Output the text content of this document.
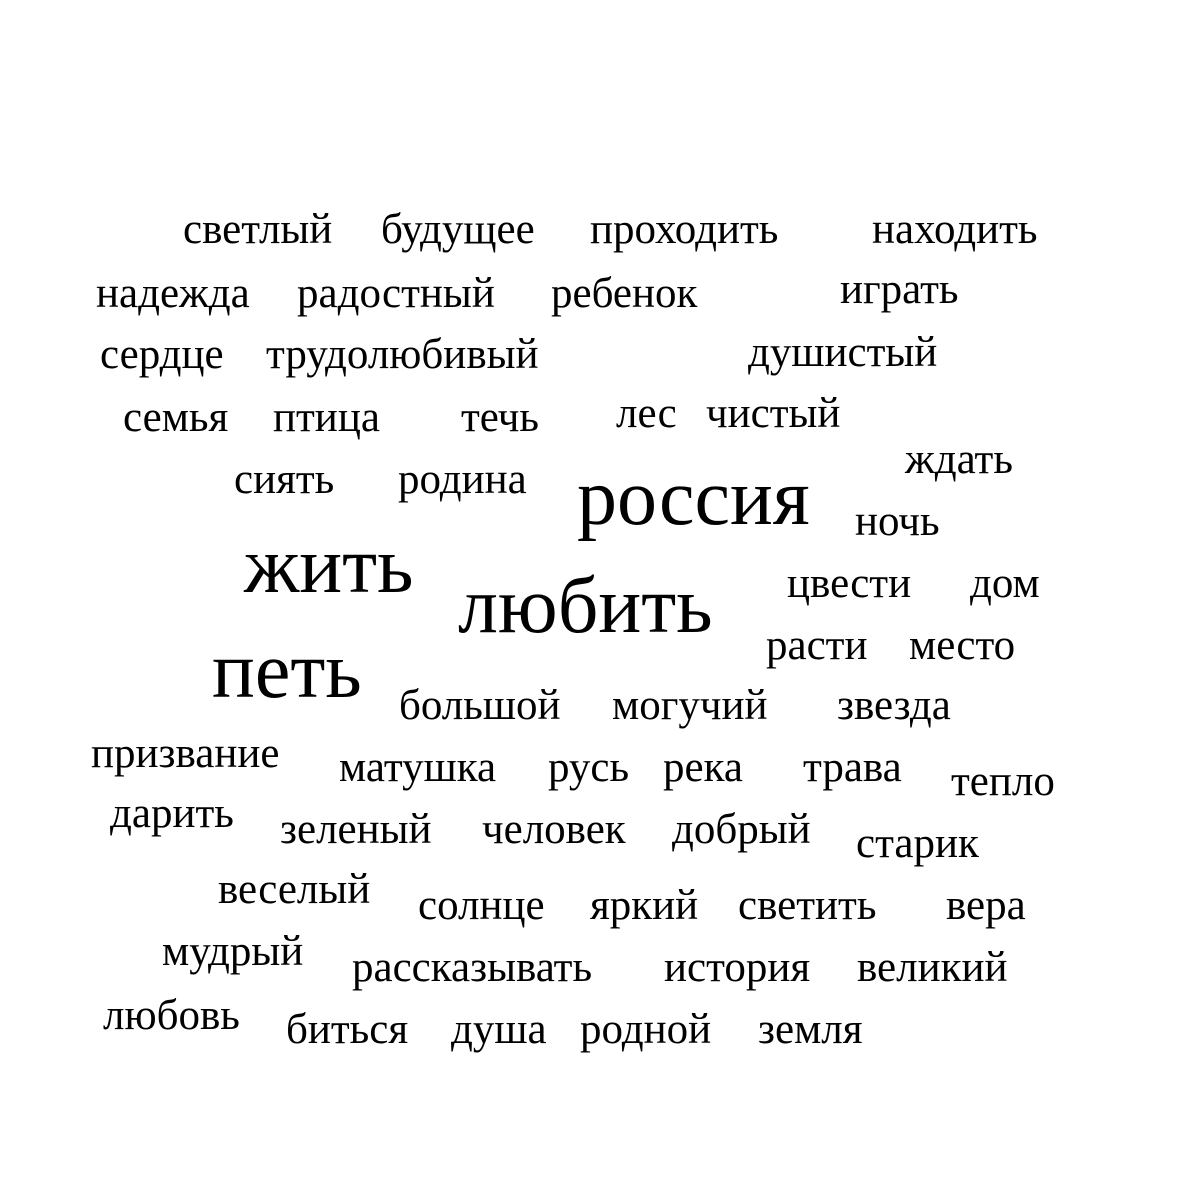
светлый будущее проходить находить
надежда радостный ребенок	играть
сердце трудолюбивый	душистый
семья птица течь лес чистый
ждать
сиять родина россия ночь
жить любить цвести дом
расти место
петь большой могучий звезда
призвание матушка русь река трава тепло
дарить зеленый человек добрый старик
веселый солнце яркий светить вера
мудрый рассказывать история великий
любовь биться душа родной земля
